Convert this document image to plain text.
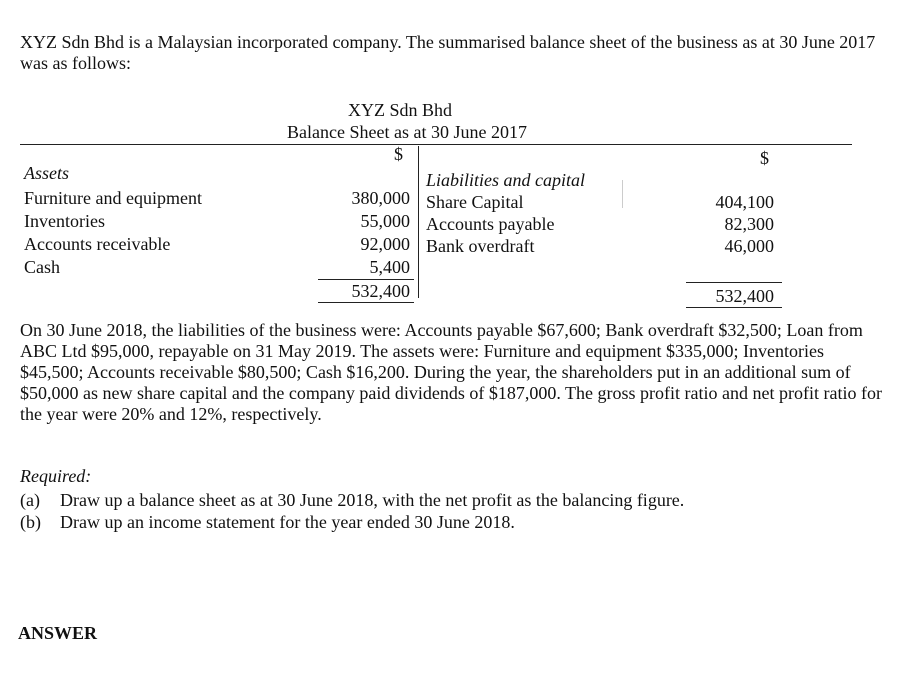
XYZ Sdn Bhd is a Malaysian incorporated company. The summarised balance sheet of the business as at 30 June 2017 was as follows:
XYZ Sdn Bhd
Balance Sheet as at 30 June 2017
$	$
Assets
Furniture and equipment
Inventories
Accounts receivable
Cash
380,000
55,000
92,000
5,400
532,400
Liabilities and capital
Share Capital
Accounts payable
Bank overdraft
404,100
82,300
46,000
532,400
On 30 June 2018, the liabilities of the business were: Accounts payable $67,600; Bank overdraft $32,500; Loan from ABC Ltd $95,000, repayable on 31 May 2019. The assets were: Furniture and equipment $335,000; Inventories $45,500; Accounts receivable $80,500; Cash $16,200. During the year, the shareholders put in an additional sum of $50,000 as new share capital and the company paid dividends of $187,000. The gross profit ratio and net profit ratio for the year were 20% and 12%, respectively.
Required:
(a) Draw up a balance sheet as at 30 June 2018, with the net profit as the balancing figure.
(b) Draw up an income statement for the year ended 30 June 2018.
ANSWER
